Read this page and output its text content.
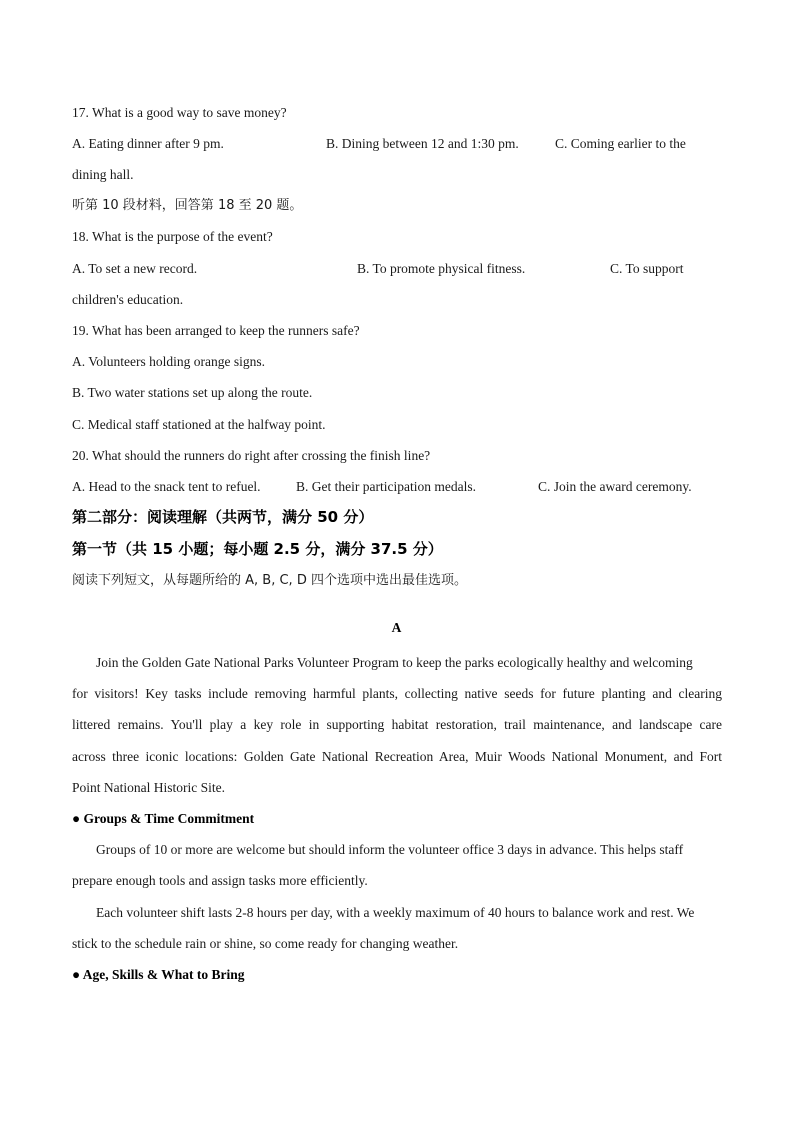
17. What is a good way to save money?
A. Eating dinner after 9 pm.	B. Dining between 12 and 1:30 pm.	C. Coming earlier to the
dining hall.
听第 10 段材料，回答第 18 至 20 题。
18. What is the purpose of the event?
A. To set a new record.	B. To promote physical fitness.	C. To support
children's education.
19. What has been arranged to keep the runners safe?
A. Volunteers holding orange signs.
B. Two water stations set up along the route.
C. Medical staff stationed at the halfway point.
20. What should the runners do right after crossing the finish line?
A. Head to the snack tent to refuel.	B. Get their participation medals.	C. Join the award ceremony.
第二部分：阅读理解（共两节，满分 50 分）
第一节（共 15 小题；每小题 2.5 分，满分 37.5 分）
阅读下列短文，从每题所给的 A, B, C, D 四个选项中选出最佳选项。
A
Join the Golden Gate National Parks Volunteer Program to keep the parks ecologically healthy and welcoming
for visitors! Key tasks include removing harmful plants, collecting native seeds for future planting and clearing
littered remains. You'll play a key role in supporting habitat restoration, trail maintenance, and landscape care
across three iconic locations: Golden Gate National Recreation Area, Muir Woods National Monument, and Fort
Point National Historic Site.
● Groups & Time Commitment
Groups of 10 or more are welcome but should inform the volunteer office 3 days in advance. This helps staff
prepare enough tools and assign tasks more efficiently.
Each volunteer shift lasts 2-8 hours per day, with a weekly maximum of 40 hours to balance work and rest. We
stick to the schedule rain or shine, so come ready for changing weather.
● Age, Skills & What to Bring
